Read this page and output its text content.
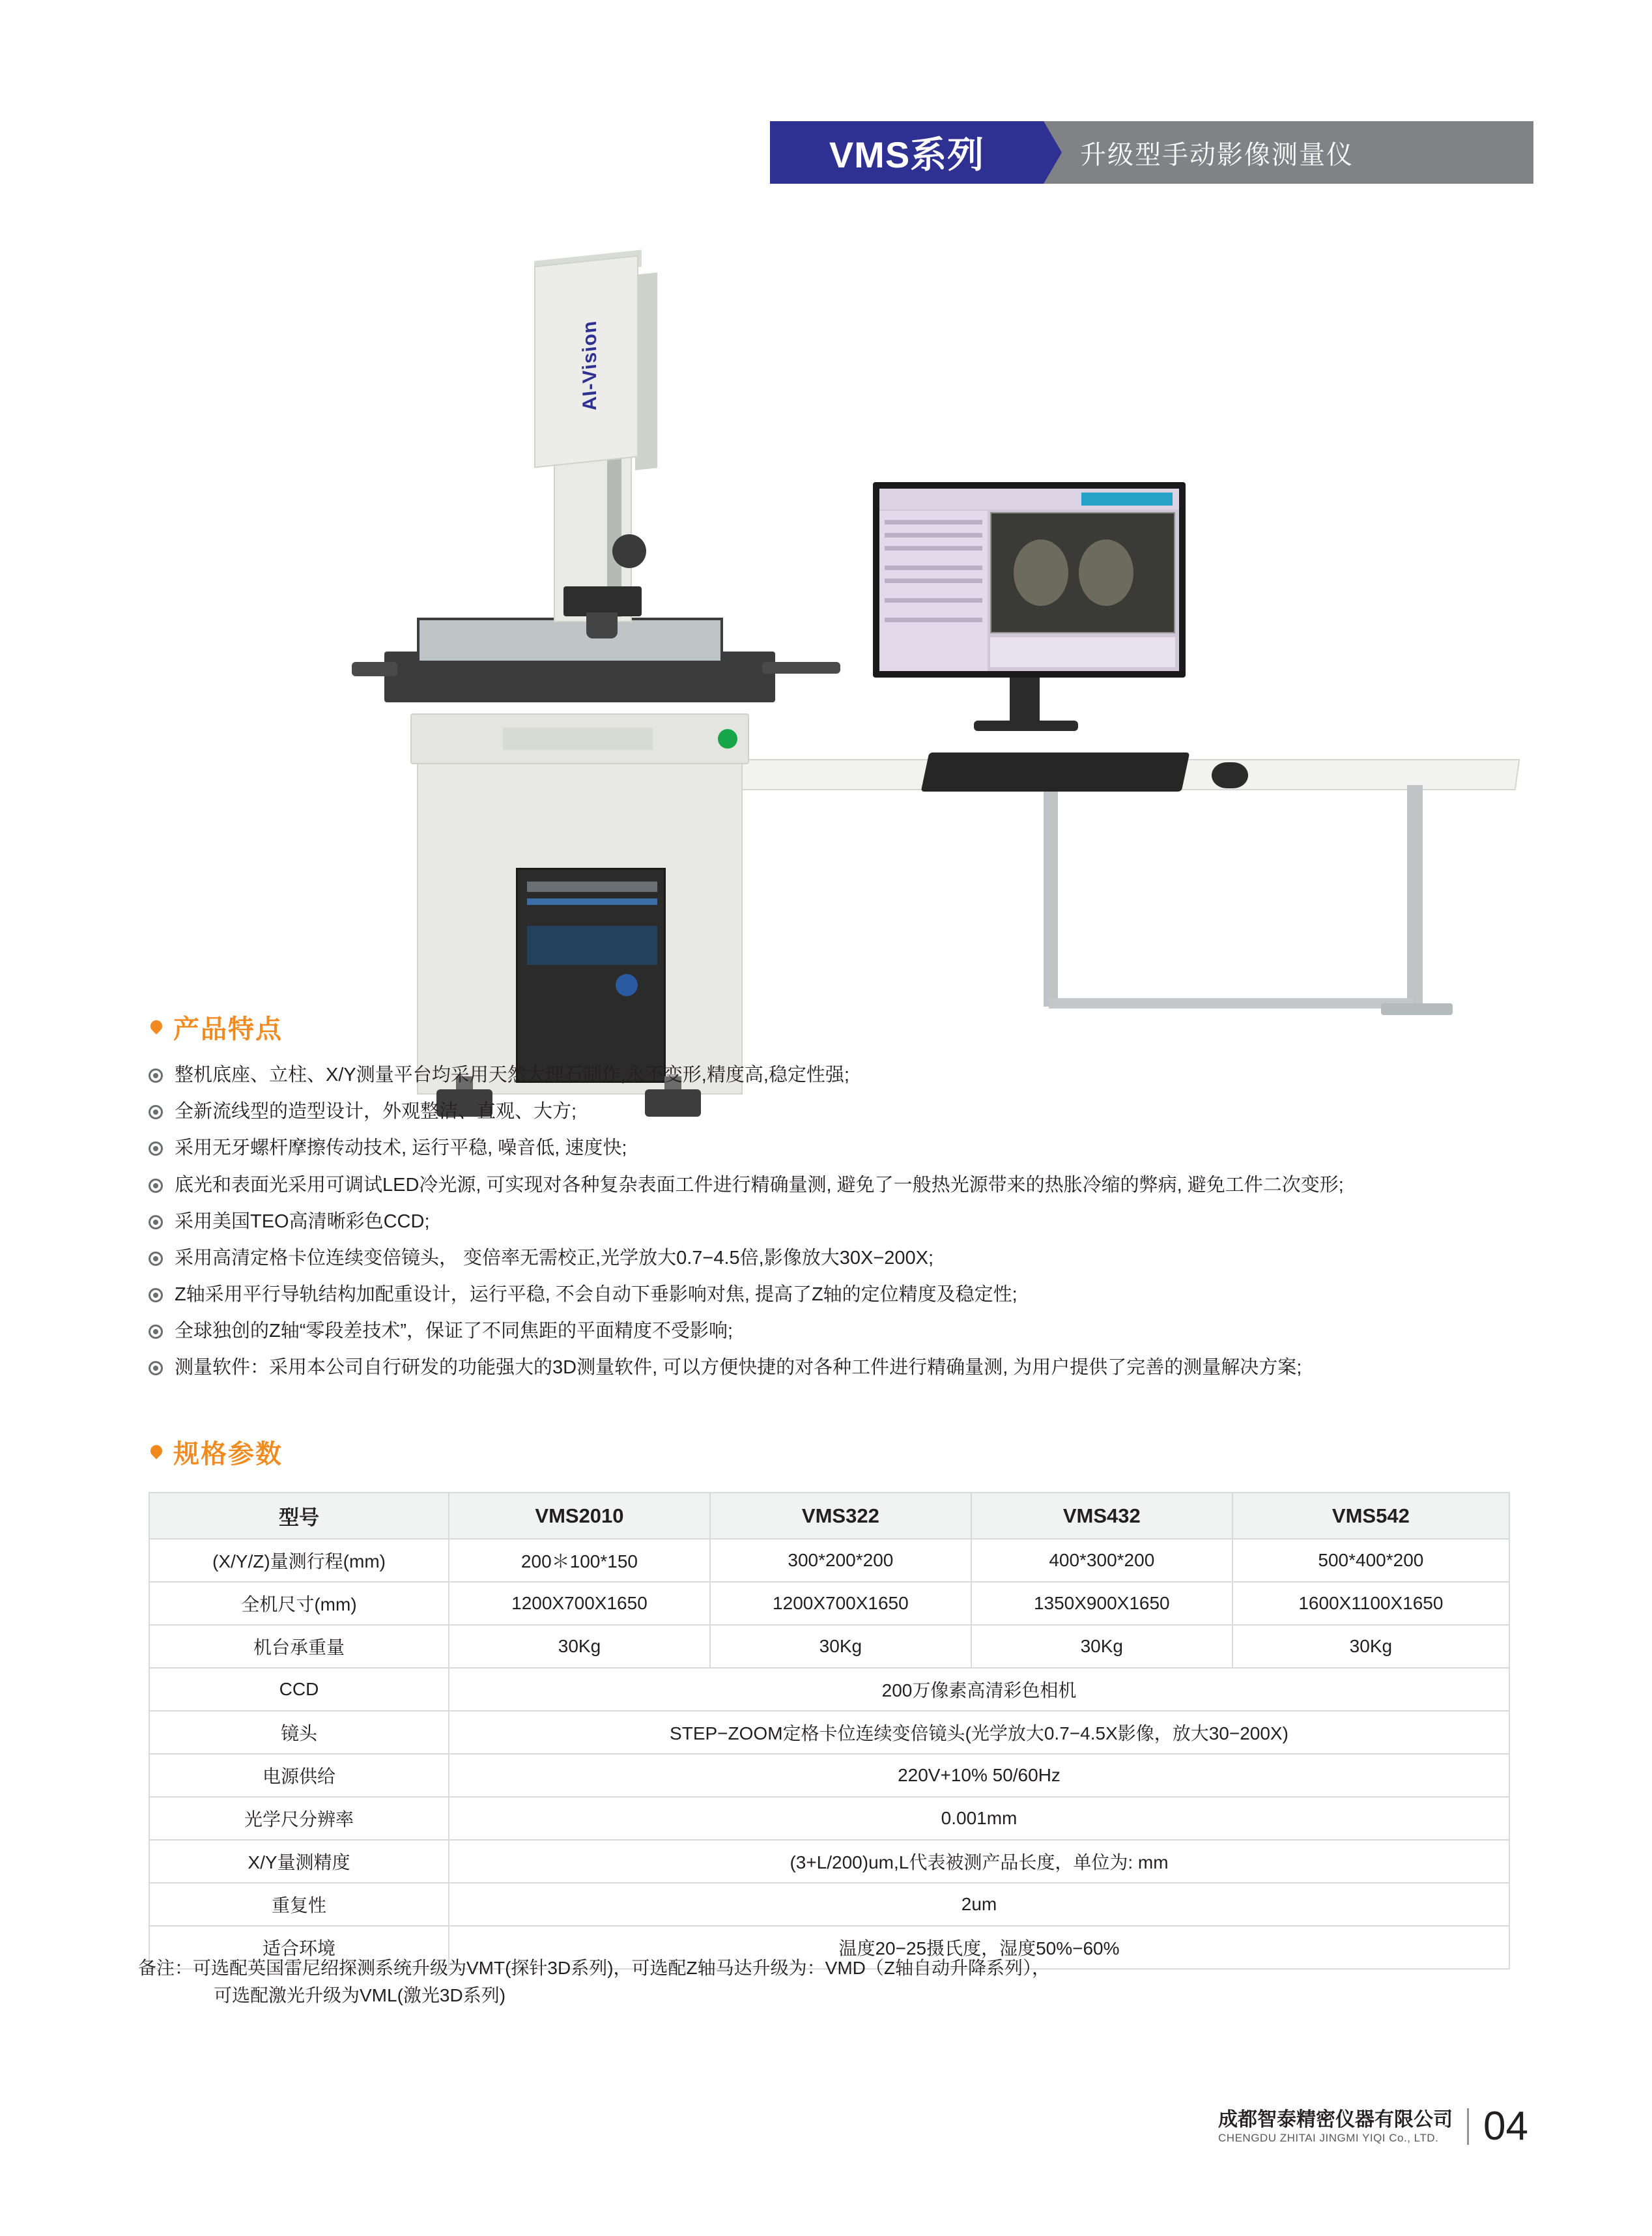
VMS系列	升级型手动影像测量仪
AI-Vision
产品特点
整机底座、立柱、X/Y测量平台均采用天然大理石制作,永不变形,精度高,稳定性强;
全新流线型的造型设计，外观整洁、直观、大方;
采用无牙螺杆摩擦传动技术, 运行平稳, 噪音低, 速度快;
底光和表面光采用可调试LED冷光源, 可实现对各种复杂表面工件进行精确量测, 避免了一般热光源带来的热胀冷缩的弊病, 避免工件二次变形;
采用美国TEO高清晰彩色CCD;
采用高清定格卡位连续变倍镜头， 变倍率无需校正,光学放大0.7−4.5倍,影像放大30X−200X;
Z轴采用平行导轨结构加配重设计，运行平稳, 不会自动下垂影响对焦, 提高了Z轴的定位精度及稳定性;
全球独创的Z轴“零段差技术”，保证了不同焦距的平面精度不受影响;
测量软件：采用本公司自行研发的功能强大的3D测量软件, 可以方便快捷的对各种工件进行精确量测, 为用户提供了完善的测量解决方案;
规格参数
型号	VMS2010	VMS322	VMS432	VMS542
(X/Y/Z)量测行程(mm)	200＊100*150	300*200*200	400*300*200	500*400*200
全机尺寸(mm)	1200X700X1650	1200X700X1650	1350X900X1650	1600X1100X1650
机台承重量	30Kg	30Kg	30Kg	30Kg
CCD	200万像素高清彩色相机			
镜头	STEP−ZOOM定格卡位连续变倍镜头(光学放大0.7−4.5X影像，放大30−200X)			
电源供给	220V+10% 50/60Hz			
光学尺分辨率	0.001mm			
X/Y量测精度	(3+L/200)um,L代表被测产品长度，单位为: mm			
重复性	2um			
适合环境	温度20−25摄氏度，湿度50%−60%			
备注：可选配英国雷尼绍探测系统升级为VMT(探针3D系列)，可选配Z轴马达升级为：VMD（Z轴自动升降系列），
可选配激光升级为VML(激光3D系列)
成都智泰精密仪器有限公司
CHENGDU ZHITAI JINGMI YIQI Co., LTD.	04
